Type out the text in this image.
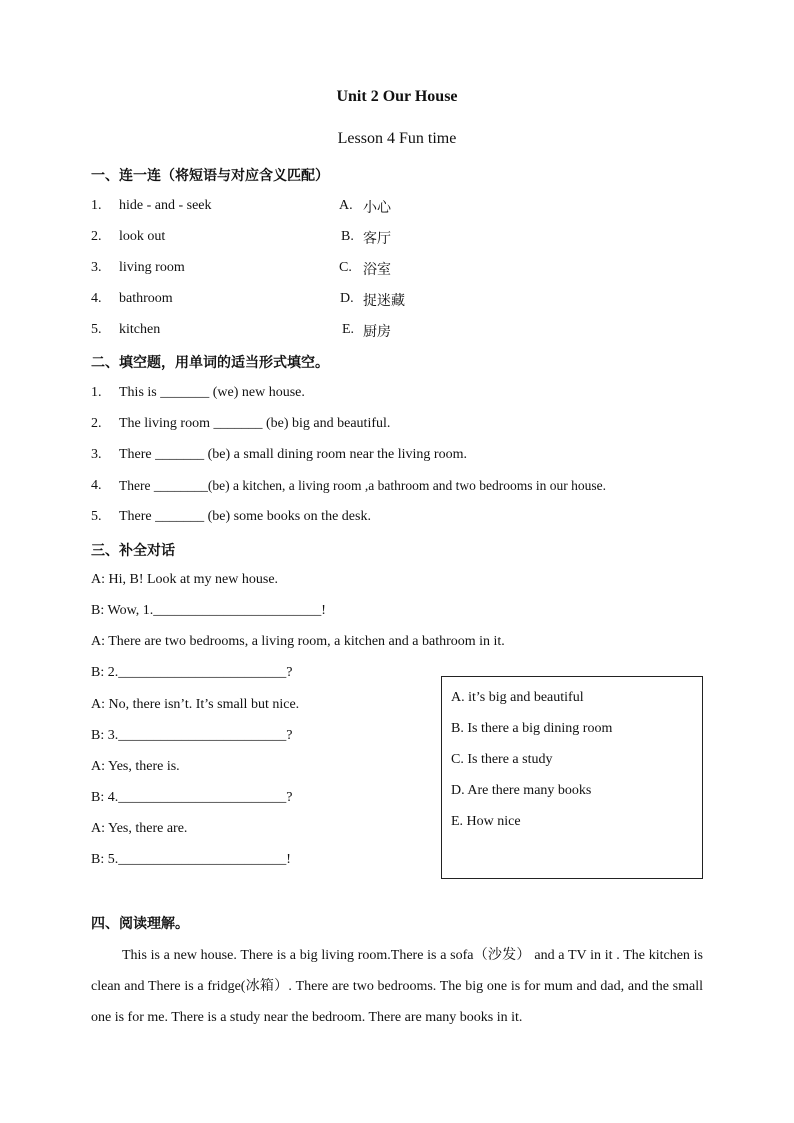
Unit 2 Our House
Lesson 4 Fun time
一、连一连（将短语与对应含义匹配）
1. hide - and - seek	A. 小心
2. look out	B. 客厅
3. living room	C. 浴室
4. bathroom	D. 捉迷藏
5. kitchen	E. 厨房
二、填空题，用单词的适当形式填空。
1. This is _______ (we) new house.
2. The living room _______ (be) big and beautiful.
3. There _______ (be) a small dining room near the living room.
4. There ________(be) a kitchen, a living room ,a bathroom and two bedrooms in our house.
5. There _______ (be) some books on the desk.
三、补全对话
A: Hi, B! Look at my new house.
B: Wow, 1.________________________!
A: There are two bedrooms, a living room, a kitchen and a bathroom in it.
B: 2.________________________?
A: No, there isn’t. It’s small but nice.
B: 3.________________________?
A: Yes, there is.
B: 4.________________________?
A: Yes, there are.
B: 5.________________________!
A. it’s big and beautiful
B. Is there a big dining room
C. Is there a study
D. Are there many books
E. How nice
四、阅读理解。
This is a new house. There is a big living room.There is a sofa（沙发） and a TV in it . The kitchen is clean and There is a fridge(冰箱）. There are two bedrooms. The big one is for mum and dad, and the small one is for me. There is a study near the bedroom. There are many books in it.
